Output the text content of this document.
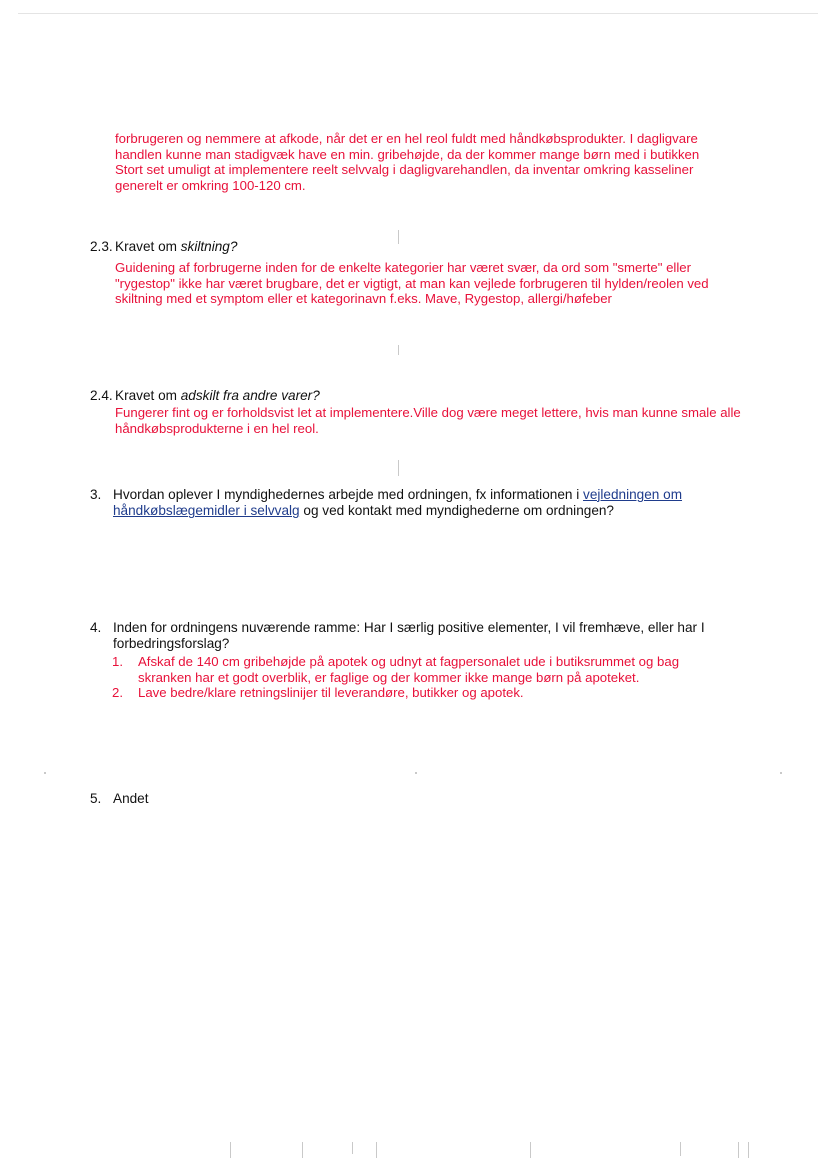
forbrugeren og nemmere at afkode, når det er en hel reol fuldt med håndkøbsprodukter. I dagligvare
handlen kunne man stadigvæk have en min. gribehøjde, da der kommer mange børn med i butikken
Stort set umuligt at implementere reelt selvvalg i dagligvarehandlen, da inventar omkring kasseliner
generelt er omkring 100-120 cm.
2.3. Kravet om skiltning?
Guidening af forbrugerne inden for de enkelte kategorier har været svær, da ord som "smerte" eller
"rygestop" ikke har været brugbare, det er vigtigt, at man kan vejlede forbrugeren til hylden/reolen ved
skiltning med et symptom eller et kategorinavn f.eks. Mave, Rygestop, allergi/høfeber
2.4. Kravet om adskilt fra andre varer?
Fungerer fint og er forholdsvist let at implementere.Ville dog være meget lettere, hvis man kunne smale alle
håndkøbsprodukterne i en hel reol.
3. Hvordan oplever I myndighedernes arbejde med ordningen, fx informationen i vejledningen om
håndkøbslægemidler i selvvalg og ved kontakt med myndighederne om ordningen?
4. Inden for ordningens nuværende ramme: Har I særlig positive elementer, I vil fremhæve, eller har I
forbedringsforslag?
1. Afskaf de 140 cm gribehøjde på apotek og udnyt at fagpersonalet ude i butiksrummet og bag
skranken har et godt overblik, er faglige og der kommer ikke mange børn på apoteket.
2. Lave bedre/klare retningslinijer til leverandøre, butikker og apotek.
5. Andet
